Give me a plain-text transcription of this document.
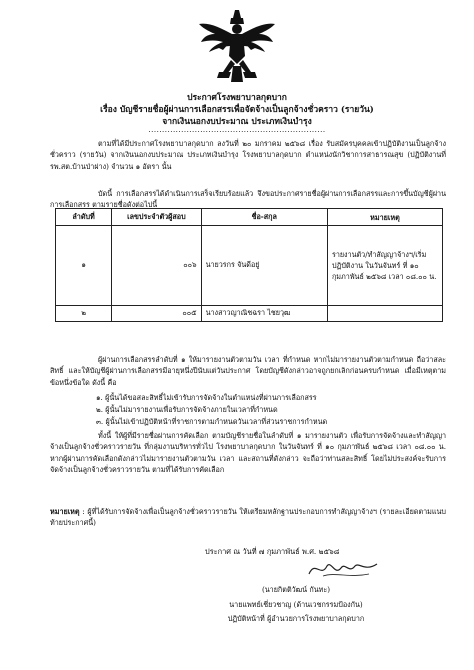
ประกาศโรงพยาบาลกุดบาก
เรื่อง บัญชีรายชื่อผู้ผ่านการเลือกสรรเพื่อจัดจ้างเป็นลูกจ้างชั่วคราว (รายวัน)
จากเงินนอกงบประมาณ ประเภทเงินบำรุง
.................................................................
ตามที่ได้มีประกาศโรงพยาบาลกุดบาก ลงวันที่ ๒๐ มกราคม ๒๕๖๘ เรื่อง รับสมัครบุคคลเข้าปฏิบัติงานเป็นลูกจ้างชั่วคราว (รายวัน) จากเงินนอกงบประมาณ ประเภทเงินบำรุง โรงพยาบาลกุดบาก ตำแหน่งนักวิชาการสาธารณสุข (ปฏิบัติงานที่ รพ.สต.บ้านป่าผ่าง) จำนวน ๑ อัตรา นั้น
บัดนี้ การเลือกสรรได้ดำเนินการเสร็จเรียบร้อยแล้ว จึงขอประกาศรายชื่อผู้ผ่านการเลือกสรรและการขึ้นบัญชีผู้ผ่านการเลือกสรร ตามรายชื่อดังต่อไปนี้
ลำดับที่	เลขประจำตัวผู้สอบ	ชื่อ-สกุล	หมายเหตุ
๑	๐๐๖	นายวรกร จันดีอยู่	รายงานตัว/ทำสัญญาจ้างฯ/เริ่มปฏิบัติงาน ในวันจันทร์ ที่ ๑๐ กุมภาพันธ์ ๒๕๖๘ เวลา ๐๘.๐๐ น.
๒	๐๐๕	นางสาวญาณิชฉรา ไชยวุฒ	
ผู้ผ่านการเลือกสรรลำดับที่ ๑ ให้มารายงานตัวตามวัน เวลา ที่กำหนด หากไม่มารายงานตัวตามกำหนด ถือว่าสละสิทธิ์ และให้บัญชีผู้ผ่านการเลือกสรรมีอายุหนึ่งปีนับแต่วันประกาศ โดยบัญชีดังกล่าวอาจถูกยกเลิกก่อนครบกำหนด เมื่อมีเหตุตามข้อหนึ่งข้อใด ดังนี้ คือ
๑. ผู้นั้นได้ขอสละสิทธิ์ไม่เข้ารับการจัดจ้างในตำแหน่งที่ผ่านการเลือกสรร
๒. ผู้นั้นไม่มารายงานเพื่อรับการจัดจ้างภายในเวลาที่กำหนด
๓. ผู้นั้นไม่เข้าปฏิบัติหน้าที่ราชการตามกำหนดวันเวลาที่ส่วนราชการกำหนด
ทั้งนี้ ให้ผู้ที่มีรายชื่อผ่านการคัดเลือก ตามบัญชีรายชื่อในลำดับที่ ๑ มารายงานตัว เพื่อรับการจัดจ้างและทำสัญญาจ้างเป็นลูกจ้างชั่วคราวรายวัน ที่กลุ่มงานบริหารทั่วไป โรงพยาบาลกุดบาก ในวันจันทร์ ที่ ๑๐ กุมภาพันธ์ ๒๕๖๘ เวลา ๐๘.๐๐ น. หากผู้ผ่านการคัดเลือกดังกล่าวไม่มารายงานตัวตามวัน เวลา และสถานที่ดังกล่าว จะถือว่าท่านสละสิทธิ์ โดยไม่ประสงค์จะรับการจัดจ้างเป็นลูกจ้างชั่วคราวรายวัน ตามที่ได้รับการคัดเลือก
หมายเหตุ : ผู้ที่ได้รับการจัดจ้างเพื่อเป็นลูกจ้างชั่วคราวรายวัน ให้เตรียมหลักฐานประกอบการทำสัญญาจ้างฯ (รายละเอียดตามแนบท้ายประกาศนี้)
ประกาศ ณ วันที่ ๗ กุมภาพันธ์ พ.ศ. ๒๕๖๘
(นายกิตติวัฒน์ กันทะ)
นายแพทย์เชี่ยวชาญ (ด้านเวชกรรมป้องกัน)
ปฏิบัติหน้าที่ ผู้อำนวยการโรงพยาบาลกุดบาก
